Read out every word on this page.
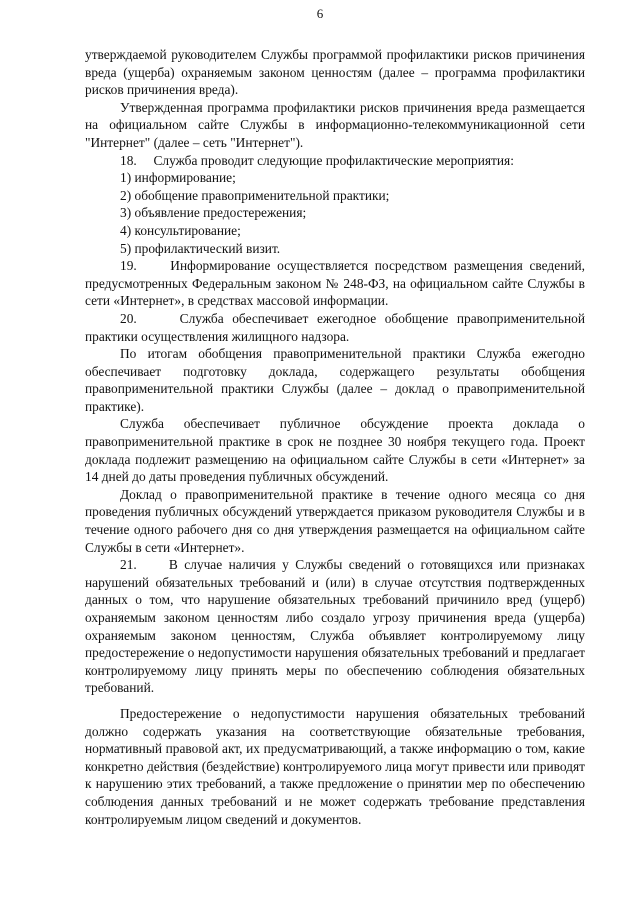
6

утверждаемой руководителем Службы программой профилактики рисков причинения вреда (ущерба) охраняемым законом ценностям (далее – программа профилактики рисков причинения вреда).

Утвержденная программа профилактики рисков причинения вреда размещается на официальном сайте Службы в информационно-телекоммуникационной сети "Интернет" (далее – сеть "Интернет").

18.     Служба проводит следующие профилактические мероприятия:

1) информирование;

2) обобщение правоприменительной практики;

3) объявление предостережения;

4) консультирование;

5) профилактический визит.

19.     Информирование осуществляется посредством размещения сведений, предусмотренных Федеральным законом № 248-ФЗ, на официальном сайте Службы в сети «Интернет», в средствах массовой информации.

20.     Служба обеспечивает ежегодное обобщение правоприменительной практики осуществления жилищного надзора.

По итогам обобщения правоприменительной практики Служба ежегодно обеспечивает подготовку доклада, содержащего результаты обобщения правоприменительной практики Службы (далее – доклад о правоприменительной практике).

Служба обеспечивает публичное обсуждение проекта доклада о правоприменительной практике в срок не позднее 30 ноября текущего года. Проект доклада подлежит размещению на официальном сайте Службы в сети «Интернет» за 14 дней до даты проведения публичных обсуждений.

Доклад о правоприменительной практике в течение одного месяца со дня проведения публичных обсуждений утверждается приказом руководителя Службы и в течение одного рабочего дня со дня утверждения размещается на официальном сайте Службы в сети «Интернет».

21.     В случае наличия у Службы сведений о готовящихся или признаках нарушений обязательных требований и (или) в случае отсутствия подтвержденных данных о том, что нарушение обязательных требований причинило вред (ущерб) охраняемым законом ценностям либо создало угрозу причинения вреда (ущерба) охраняемым законом ценностям, Служба объявляет контролируемому лицу предостережение о недопустимости нарушения обязательных требований и предлагает контролируемому лицу принять меры по обеспечению соблюдения обязательных требований.

Предостережение о недопустимости нарушения обязательных требований должно содержать указания на соответствующие обязательные требования, нормативный правовой акт, их предусматривающий, а также информацию о том, какие конкретно действия (бездействие) контролируемого лица могут привести или приводят к нарушению этих требований, а также предложение о принятии мер по обеспечению соблюдения данных требований и не может содержать требование представления контролируемым лицом сведений и документов.
